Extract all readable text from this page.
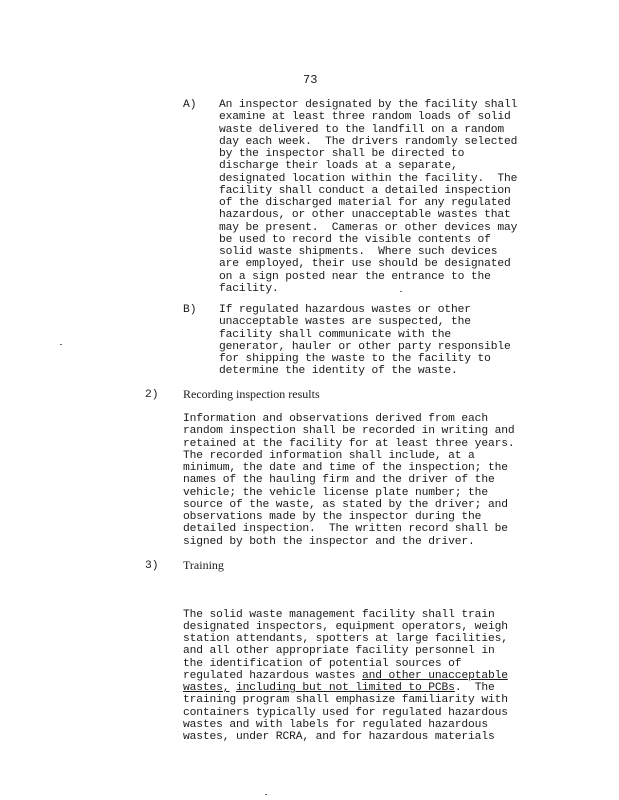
73
A) An inspector designated by the facility shall
examine at least three random loads of solid
waste delivered to the landfill on a random
day each week.  The drivers randomly selected
by the inspector shall be directed to
discharge their loads at a separate,
designated location within the facility.  The
facility shall conduct a detailed inspection
of the discharged material for any regulated
hazardous, or other unacceptable wastes that
may be present.  Cameras or other devices may
be used to record the visible contents of
solid waste shipments.  Where such devices
are employed, their use should be designated
on a sign posted near the entrance to the
facility.
B) If regulated hazardous wastes or other
unacceptable wastes are suspected, the
facility shall communicate with the
generator, hauler or other party responsible
for shipping the waste to the facility to
determine the identity of the waste.
2) Recording inspection results
Information and observations derived from each
random inspection shall be recorded in writing and
retained at the facility for at least three years.
The recorded information shall include, at a
minimum, the date and time of the inspection; the
names of the hauling firm and the driver of the
vehicle; the vehicle license plate number; the
source of the waste, as stated by the driver; and
observations made by the inspector during the
detailed inspection.  The written record shall be
signed by both the inspector and the driver.
3) Training

The solid waste management facility shall train
designated inspectors, equipment operators, weigh
station attendants, spotters at large facilities,
and all other appropriate facility personnel in
the identification of potential sources of
regulated hazardous wastes and other unacceptable
wastes, including but not limited to PCBs.  The
training program shall emphasize familiarity with
containers typically used for regulated hazardous
wastes and with labels for regulated hazardous
wastes, under RCRA, and for hazardous materials
